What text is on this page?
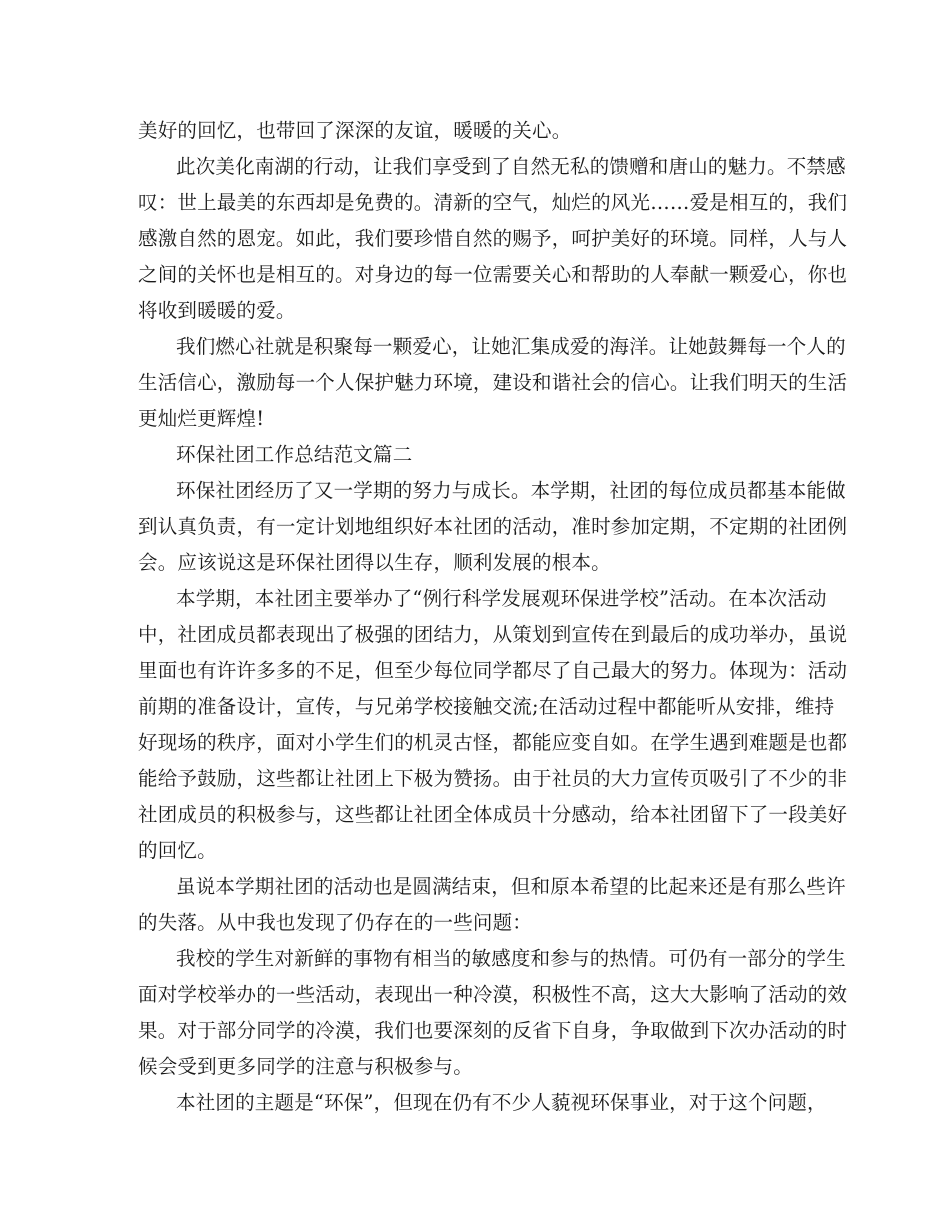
美好的回忆，也带回了深深的友谊，暖暖的关心。
此次美化南湖的行动，让我们享受到了自然无私的馈赠和唐山的魅力。不禁感
叹：世上最美的东西却是免费的。清新的空气，灿烂的风光……爱是相互的，我们
感激自然的恩宠。如此，我们要珍惜自然的赐予，呵护美好的环境。同样，人与人
之间的关怀也是相互的。对身边的每一位需要关心和帮助的人奉献一颗爱心，你也
将收到暖暖的爱。
我们燃心社就是积聚每一颗爱心，让她汇集成爱的海洋。让她鼓舞每一个人的
生活信心，激励每一个人保护魅力环境，建设和谐社会的信心。让我们明天的生活
更灿烂更辉煌!
环保社团工作总结范文篇二
环保社团经历了又一学期的努力与成长。本学期，社团的每位成员都基本能做
到认真负责，有一定计划地组织好本社团的活动，准时参加定期，不定期的社团例
会。应该说这是环保社团得以生存，顺利发展的根本。
本学期，本社团主要举办了“例行科学发展观环保进学校”活动。在本次活动
中，社团成员都表现出了极强的团结力，从策划到宣传在到最后的成功举办，虽说
里面也有许许多多的不足，但至少每位同学都尽了自己最大的努力。体现为：活动
前期的准备设计，宣传，与兄弟学校接触交流;在活动过程中都能听从安排，维持
好现场的秩序，面对小学生们的机灵古怪，都能应变自如。在学生遇到难题是也都
能给予鼓励，这些都让社团上下极为赞扬。由于社员的大力宣传页吸引了不少的非
社团成员的积极参与，这些都让社团全体成员十分感动，给本社团留下了一段美好
的回忆。
虽说本学期社团的活动也是圆满结束，但和原本希望的比起来还是有那么些许
的失落。从中我也发现了仍存在的一些问题：
我校的学生对新鲜的事物有相当的敏感度和参与的热情。可仍有一部分的学生
面对学校举办的一些活动，表现出一种冷漠，积极性不高，这大大影响了活动的效
果。对于部分同学的冷漠，我们也要深刻的反省下自身，争取做到下次办活动的时
候会受到更多同学的注意与积极参与。
本社团的主题是“环保”，但现在仍有不少人藐视环保事业，对于这个问题，
